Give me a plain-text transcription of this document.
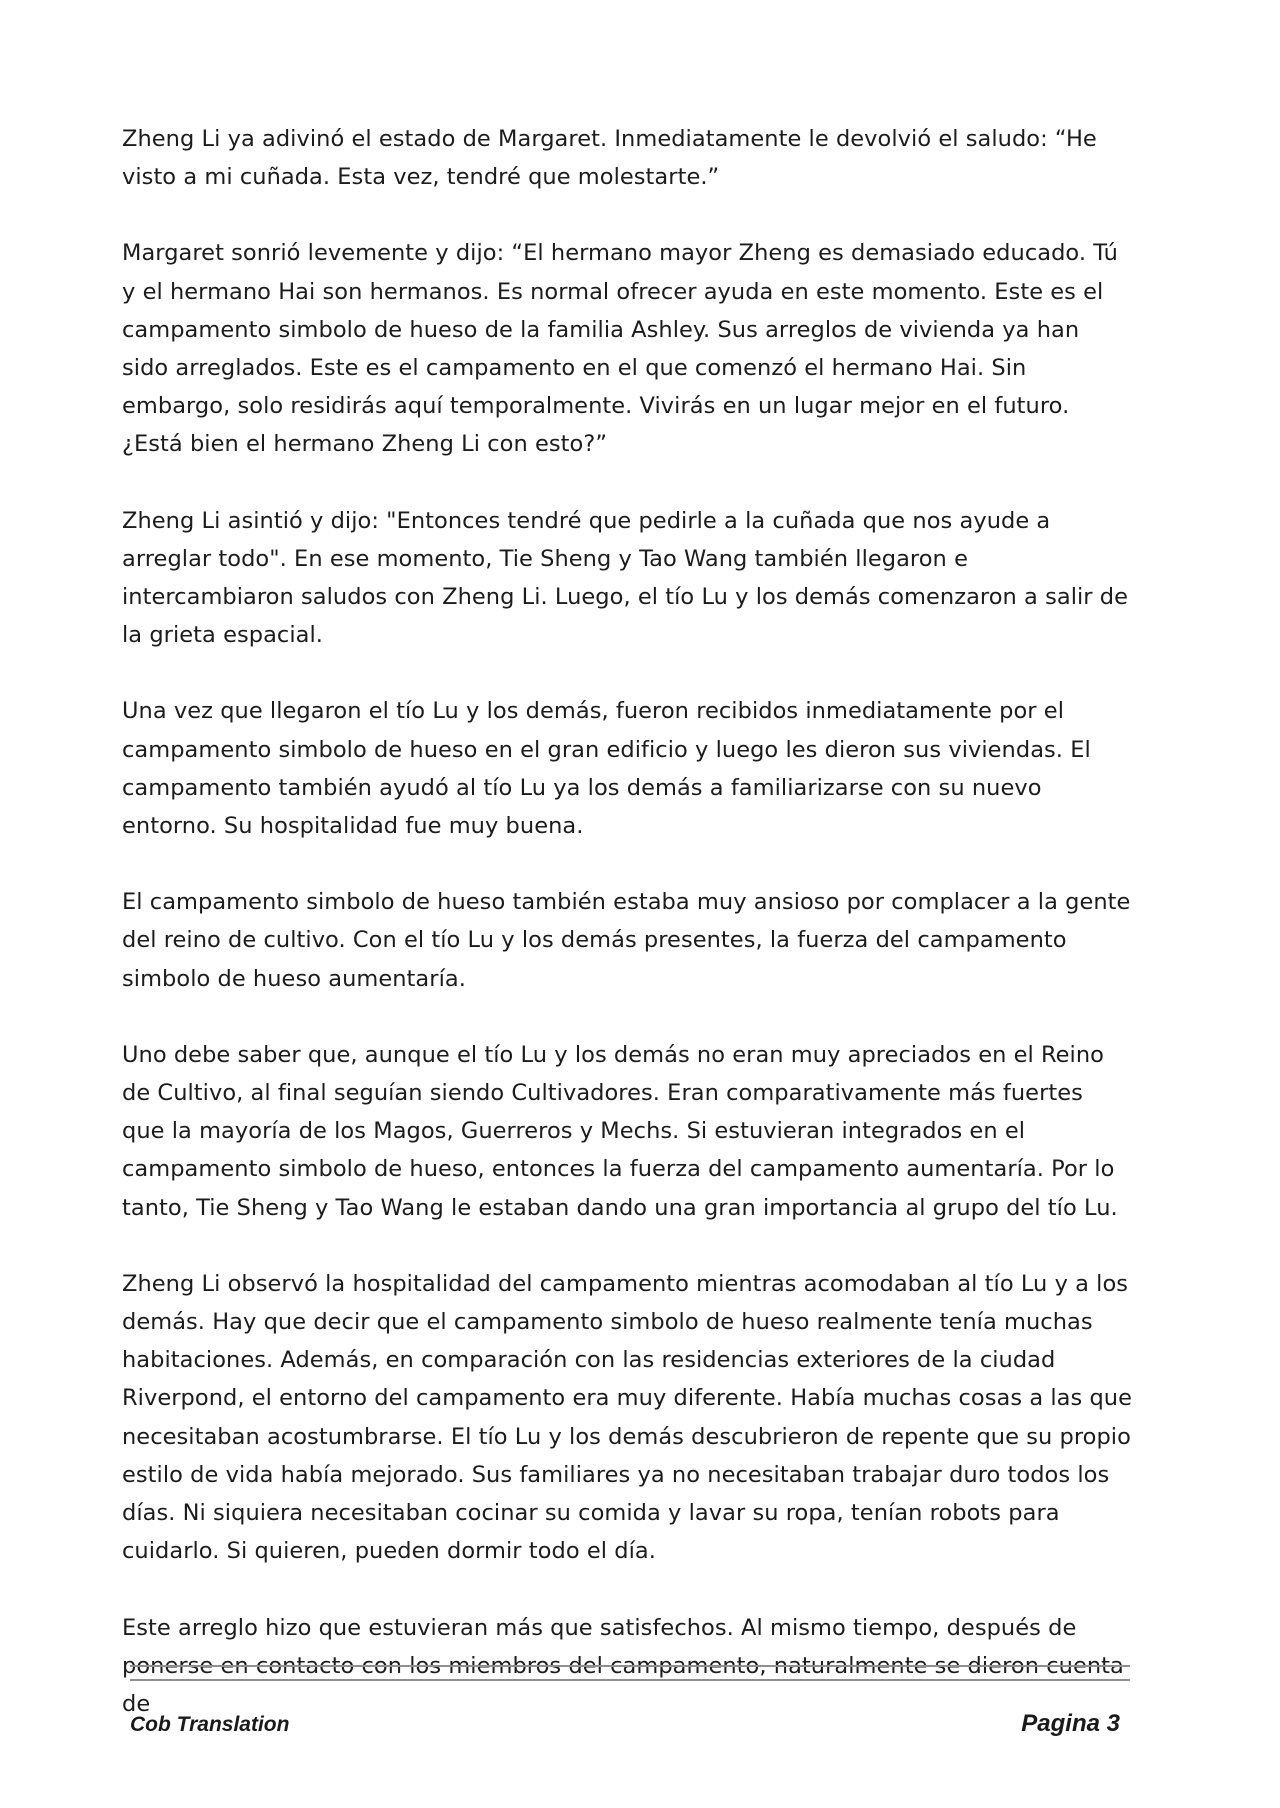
Zheng Li ya adivinó el estado de Margaret. Inmediatamente le devolvió el saludo: “He visto a mi cuñada. Esta vez, tendré que molestarte.”

Margaret sonrió levemente y dijo: “El hermano mayor Zheng es demasiado educado. Tú y el hermano Hai son hermanos. Es normal ofrecer ayuda en este momento. Este es el campamento simbolo de hueso de la familia Ashley. Sus arreglos de vivienda ya han sido arreglados. Este es el campamento en el que comenzó el hermano Hai. Sin embargo, solo residirás aquí temporalmente. Vivirás en un lugar mejor en el futuro. ¿Está bien el hermano Zheng Li con esto?”

Zheng Li asintió y dijo: "Entonces tendré que pedirle a la cuñada que nos ayude a arreglar todo". En ese momento, Tie Sheng y Tao Wang también llegaron e intercambiaron saludos con Zheng Li. Luego, el tío Lu y los demás comenzaron a salir de la grieta espacial.

Una vez que llegaron el tío Lu y los demás, fueron recibidos inmediatamente por el campamento simbolo de hueso en el gran edificio y luego les dieron sus viviendas. El campamento también ayudó al tío Lu ya los demás a familiarizarse con su nuevo entorno. Su hospitalidad fue muy buena.

El campamento simbolo de hueso también estaba muy ansioso por complacer a la gente del reino de cultivo. Con el tío Lu y los demás presentes, la fuerza del campamento simbolo de hueso aumentaría.

Uno debe saber que, aunque el tío Lu y los demás no eran muy apreciados en el Reino de Cultivo, al final seguían siendo Cultivadores. Eran comparativamente más fuertes que la mayoría de los Magos, Guerreros y Mechs. Si estuvieran integrados en el campamento simbolo de hueso, entonces la fuerza del campamento aumentaría. Por lo tanto, Tie Sheng y Tao Wang le estaban dando una gran importancia al grupo del tío Lu.

Zheng Li observó la hospitalidad del campamento mientras acomodaban al tío Lu y a los demás. Hay que decir que el campamento simbolo de hueso realmente tenía muchas habitaciones. Además, en comparación con las residencias exteriores de la ciudad Riverpond, el entorno del campamento era muy diferente. Había muchas cosas a las que necesitaban acostumbrarse. El tío Lu y los demás descubrieron de repente que su propio estilo de vida había mejorado. Sus familiares ya no necesitaban trabajar duro todos los días. Ni siquiera necesitaban cocinar su comida y lavar su ropa, tenían robots para cuidarlo. Si quieren, pueden dormir todo el día.

Este arreglo hizo que estuvieran más que satisfechos. Al mismo tiempo, después de ponerse en contacto con los miembros del campamento, naturalmente se dieron cuenta de

Cob Translation	Pagina 3
